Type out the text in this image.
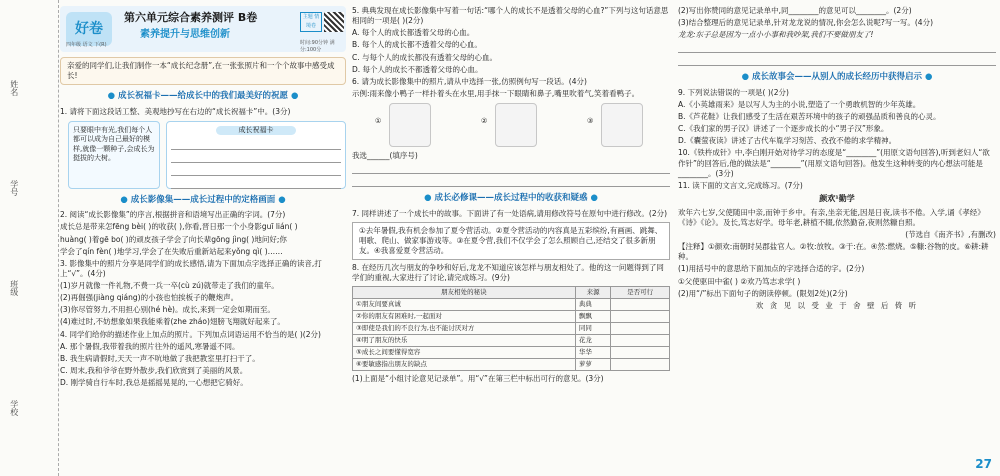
姓名
学号
班级
学校
好卷
四年级 语文 下(R)
第六单元综合素养测评 B卷
素养提升与思维创新
主题 情境卷
时间:90分钟 满分:100分
亲爱的同学们,让我们制作一本“成长纪念册”,在一张张照片和一个个故事中感受成长!
● 成长祝福卡——给成长中的我们最美好的祝愿 ●
1. 请将下面这段话工整、美观地抄写在右边的“成长祝福卡”中。(3分)
只要眼中有光,我们每个人都可以成为自己最好的模样,就像一颗种子,会成长为挺拔的大树。
成长祝福卡
● 成长影像集——成长过程中的定格画面 ●
2. 阅读“成长影像集”的序言,根据拼音和语境写出正确的字词。(7分)
成长总是带来怎fēng bèi( )的收获( ),你看,晋日那一个小身影guī lián( )
huàng( )着gē bo( )的顽皮孩子学会了向长辈gōng jìng( )地问好;你
学会了qín fèn( )地学习,学会了在失败后重新站起来yǒng qì( )……
3. 影像集中的照片分享是同学们的成长感悟,请为下面加点字选择正确的读音,打上“√”。(4分)
(1)岁月就像一件礼物,不费一兵一卒(cù zú)就带走了我们的童年。
(2)再倔强(jiàng qiáng)的小孩也怕挨板子的鞭炮声。
(3)你尽管努力,不用担心别(hé hè)。成长,来到一定会如期而至。
(4)难过时,不妨想象如果我能乘着(zhe zháo)翅膀飞翔就好起来了。
4. 同学们给你的描述作业上加点的照片。下列加点词语运用不恰当的是( )(2分)
A. 那个暑假,我带着我的照片往外的遥风,寒暑遥不同。
B. 我生病请假时,天天一声不吭地做了我把教室里打扫干了。
C. 周末,我和爷爷在野外散步,我们欣赏到了美丽的风景。
D. 刚学骑自行车时,我总是摇摇晃晃的,一心想把它骑好。
5. 典典发现在成长影像集中写着一句话:“哪个人的成长不是透着父母的心血?”下列与这句话意思相同的一项是( )(2分)
A. 每个人的成长都透着父母的心血。
B. 每个人的成长都不透着父母的心血。
C. 与每个人的成长都没有透着父母的心血。
D. 每个人的成长不都透着父母的心血。
6. 请为成长影像集中的照片,请从中选择一张,仿照例句写一段话。(4分)
示例:雨来像小鸭子一样扑着头在水里,用手抹一下眼睛和鼻子,嘴里吹着气,笑着看鸭子。
①	②	③
我选______(填序号)
● 成长必修课——成长过程中的收获和疑惑 ●
7. 同样讲述了一个成长中的故事。下面讲了有一处语病,请用修改符号在原句中进行修改。(2分)
①去年暑假,我有机会参加了夏令营活动。②夏令营活动的内容真是五彩缤纷,有画画、跳舞、唱歌、爬山、做家事游戏等。③在夏令营,我们不仅学会了怎么照顾自己,还结交了很多新朋友。④我喜爱夏令营活动。
8. 在经历几次与朋友的争吵和好后,龙龙不知道应该怎样与朋友相处了。他的这一问题得到了同学们的重视,大家进行了讨论,请完成练习。(9分)
朋友相处的秘诀	来源	是否可行
①朋友间要真诚	典典	
②你的朋友有困难时,一起面对	飘飘	
③即使是我们的不良行为,也不能讨厌对方	同同	
④明了朋友的快乐	花龙	
⑤成长之间要懂得宽容	华华	
⑥要敏感指出朋友的缺点	萝萝	
(1)上面是“小组讨论意见记录单”。用“√”在第三栏中标出可行的意见。(3分)
(2)写出你赞同的意见记录单中,同________的意见可以________。(2分)
(3)结合整理后的意见记录单,针对龙龙说的情况,你会怎么说呢?写一写。(4分)
龙龙:东子总是因为一点小小事和我吵架,我们不要做朋友了!
● 成长故事会——从别人的成长经历中获得启示 ●
9. 下列说法错误的一项是( )(2分)
A.《小英雄雨来》是以写人为主的小说,塑造了一个勇敢机智的少年英雄。
B.《芦花鞋》让我们感受了生活在艰苦环境中的孩子的顽强品质和善良的心灵。
C.《我们家的男子汉》讲述了一个逐步成长的小“男子汉”形象。
D.《囊萤夜读》讲述了古代车胤学习刻苦、孜孜不倦的求学精神。
10.《铁杵成针》中,李白刚开始对待学习的态度是“________”(用原文语句回答),听到老妇人“欲作针”的回答后,他的做法是“________”(用原文语句回答)。他发生这种转变的内心想法可能是________。(3分)
11. 读下面的文言文,完成练习。(7分)
颜欢¹勤学
欢年六七岁,父使随田中亲,而钟于乡中。有亲,坐亲无能,因是日夜,读书不倦。入学,诵《孝经》《诗》《论》。及长,笃志好学。母年老,耕植不辍,依然勤奋,夜则然糠自照。
(节选自《南齐书》,有删改)
【注释】①颜欢:南朝时吴郡盐官人。②牧:放牧。③于:在。④然:燃烧。⑤糠:谷物的皮。⑥耕:耕种。
(1)用括号中的意思给下面加点的字选择合适的字。(2分)
①父使驱田中雀( ) ②欢乃笃志求学( )
(2)用“/”标出下面句子的朗读停顿。(限划2处)(2分)
欢 贪 见 以 受 业 于 舍 壁 后 倚 听
27
